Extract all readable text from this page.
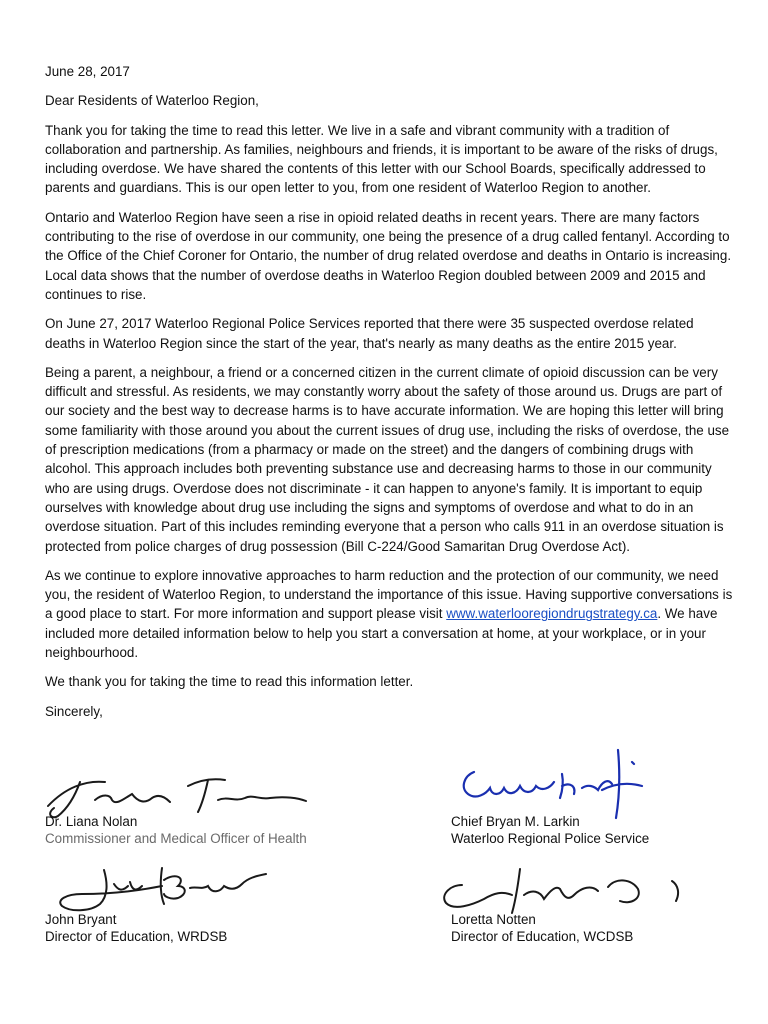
June 28, 2017

Dear Residents of Waterloo Region,

Thank you for taking the time to read this letter. We live in a safe and vibrant community with a tradition of collaboration and partnership. As families, neighbours and friends, it is important to be aware of the risks of drugs, including overdose. We have shared the contents of this letter with our School Boards, specifically addressed to parents and guardians. This is our open letter to you, from one resident of Waterloo Region to another.

Ontario and Waterloo Region have seen a rise in opioid related deaths in recent years. There are many factors contributing to the rise of overdose in our community, one being the presence of a drug called fentanyl. According to the Office of the Chief Coroner for Ontario, the number of drug related overdose and deaths in Ontario is increasing. Local data shows that the number of overdose deaths in Waterloo Region doubled between 2009 and 2015 and continues to rise.

On June 27, 2017 Waterloo Regional Police Services reported that there were 35 suspected overdose related deaths in Waterloo Region since the start of the year, that's nearly as many deaths as the entire 2015 year.

Being a parent, a neighbour, a friend or a concerned citizen in the current climate of opioid discussion can be very difficult and stressful. As residents, we may constantly worry about the safety of those around us. Drugs are part of our society and the best way to decrease harms is to have accurate information. We are hoping this letter will bring some familiarity with those around you about the current issues of drug use, including the risks of overdose, the use of prescription medications (from a pharmacy or made on the street) and the dangers of combining drugs with alcohol. This approach includes both preventing substance use and decreasing harms to those in our community who are using drugs. Overdose does not discriminate - it can happen to anyone's family. It is important to equip ourselves with knowledge about drug use including the signs and symptoms of overdose and what to do in an overdose situation. Part of this includes reminding everyone that a person who calls 911 in an overdose situation is protected from police charges of drug possession (Bill C-224/Good Samaritan Drug Overdose Act).

As we continue to explore innovative approaches to harm reduction and the protection of our community, we need you, the resident of Waterloo Region, to understand the importance of this issue. Having supportive conversations is a good place to start. For more information and support please visit www.waterlooregiondrugstrategy.ca. We have included more detailed information below to help you start a conversation at home, at your workplace, or in your neighbourhood.

We thank you for taking the time to read this information letter.

Sincerely,

Dr. Liana Nolan
Commissioner and Medical Officer of Health
Chief Bryan M. Larkin
Waterloo Regional Police Service
John Bryant
Director of Education, WRDSB
Loretta Notten
Director of Education, WCDSB
